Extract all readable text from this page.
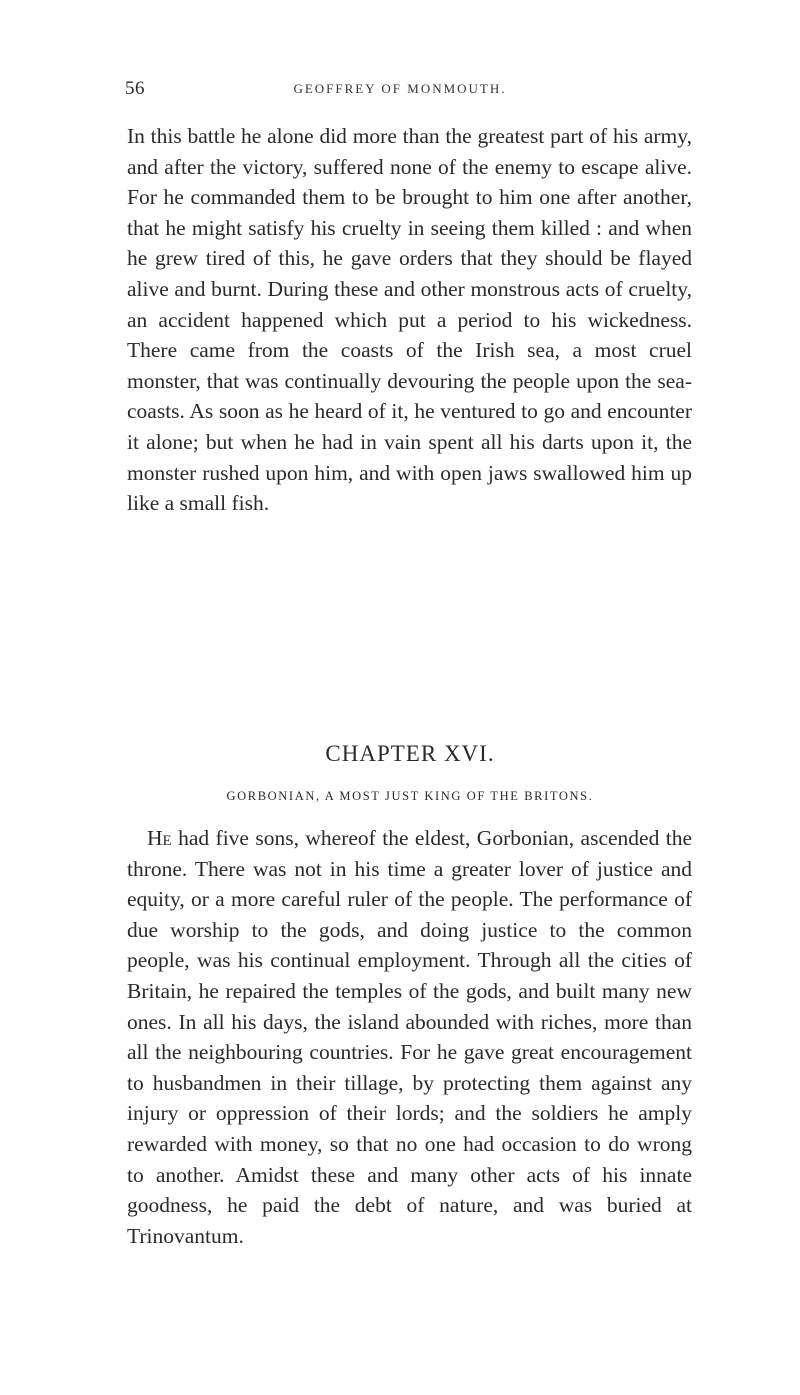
56	GEOFFREY OF MONMOUTH.

In this battle he alone did more than the greatest part of his army, and after the victory, suffered none of the enemy to escape alive. For he commanded them to be brought to him one after another, that he might satisfy his cruelty in seeing them killed : and when he grew tired of this, he gave orders that they should be flayed alive and burnt. During these and other monstrous acts of cruelty, an accident happened which put a period to his wickedness. There came from the coasts of the Irish sea, a most cruel monster, that was continually devouring the people upon the sea-coasts. As soon as he heard of it, he ventured to go and encounter it alone; but when he had in vain spent all his darts upon it, the monster rushed upon him, and with open jaws swallowed him up like a small fish.

CHAPTER XVI.
GORBONIAN, A MOST JUST KING OF THE BRITONS.

He had five sons, whereof the eldest, Gorbonian, ascended the throne. There was not in his time a greater lover of justice and equity, or a more careful ruler of the people. The performance of due worship to the gods, and doing justice to the common people, was his continual employment. Through all the cities of Britain, he repaired the temples of the gods, and built many new ones. In all his days, the island abounded with riches, more than all the neighbouring countries. For he gave great encouragement to husbandmen in their tillage, by protecting them against any injury or oppression of their lords; and the soldiers he amply rewarded with money, so that no one had occasion to do wrong to another. Amidst these and many other acts of his innate goodness, he paid the debt of nature, and was buried at Trinovantum.
